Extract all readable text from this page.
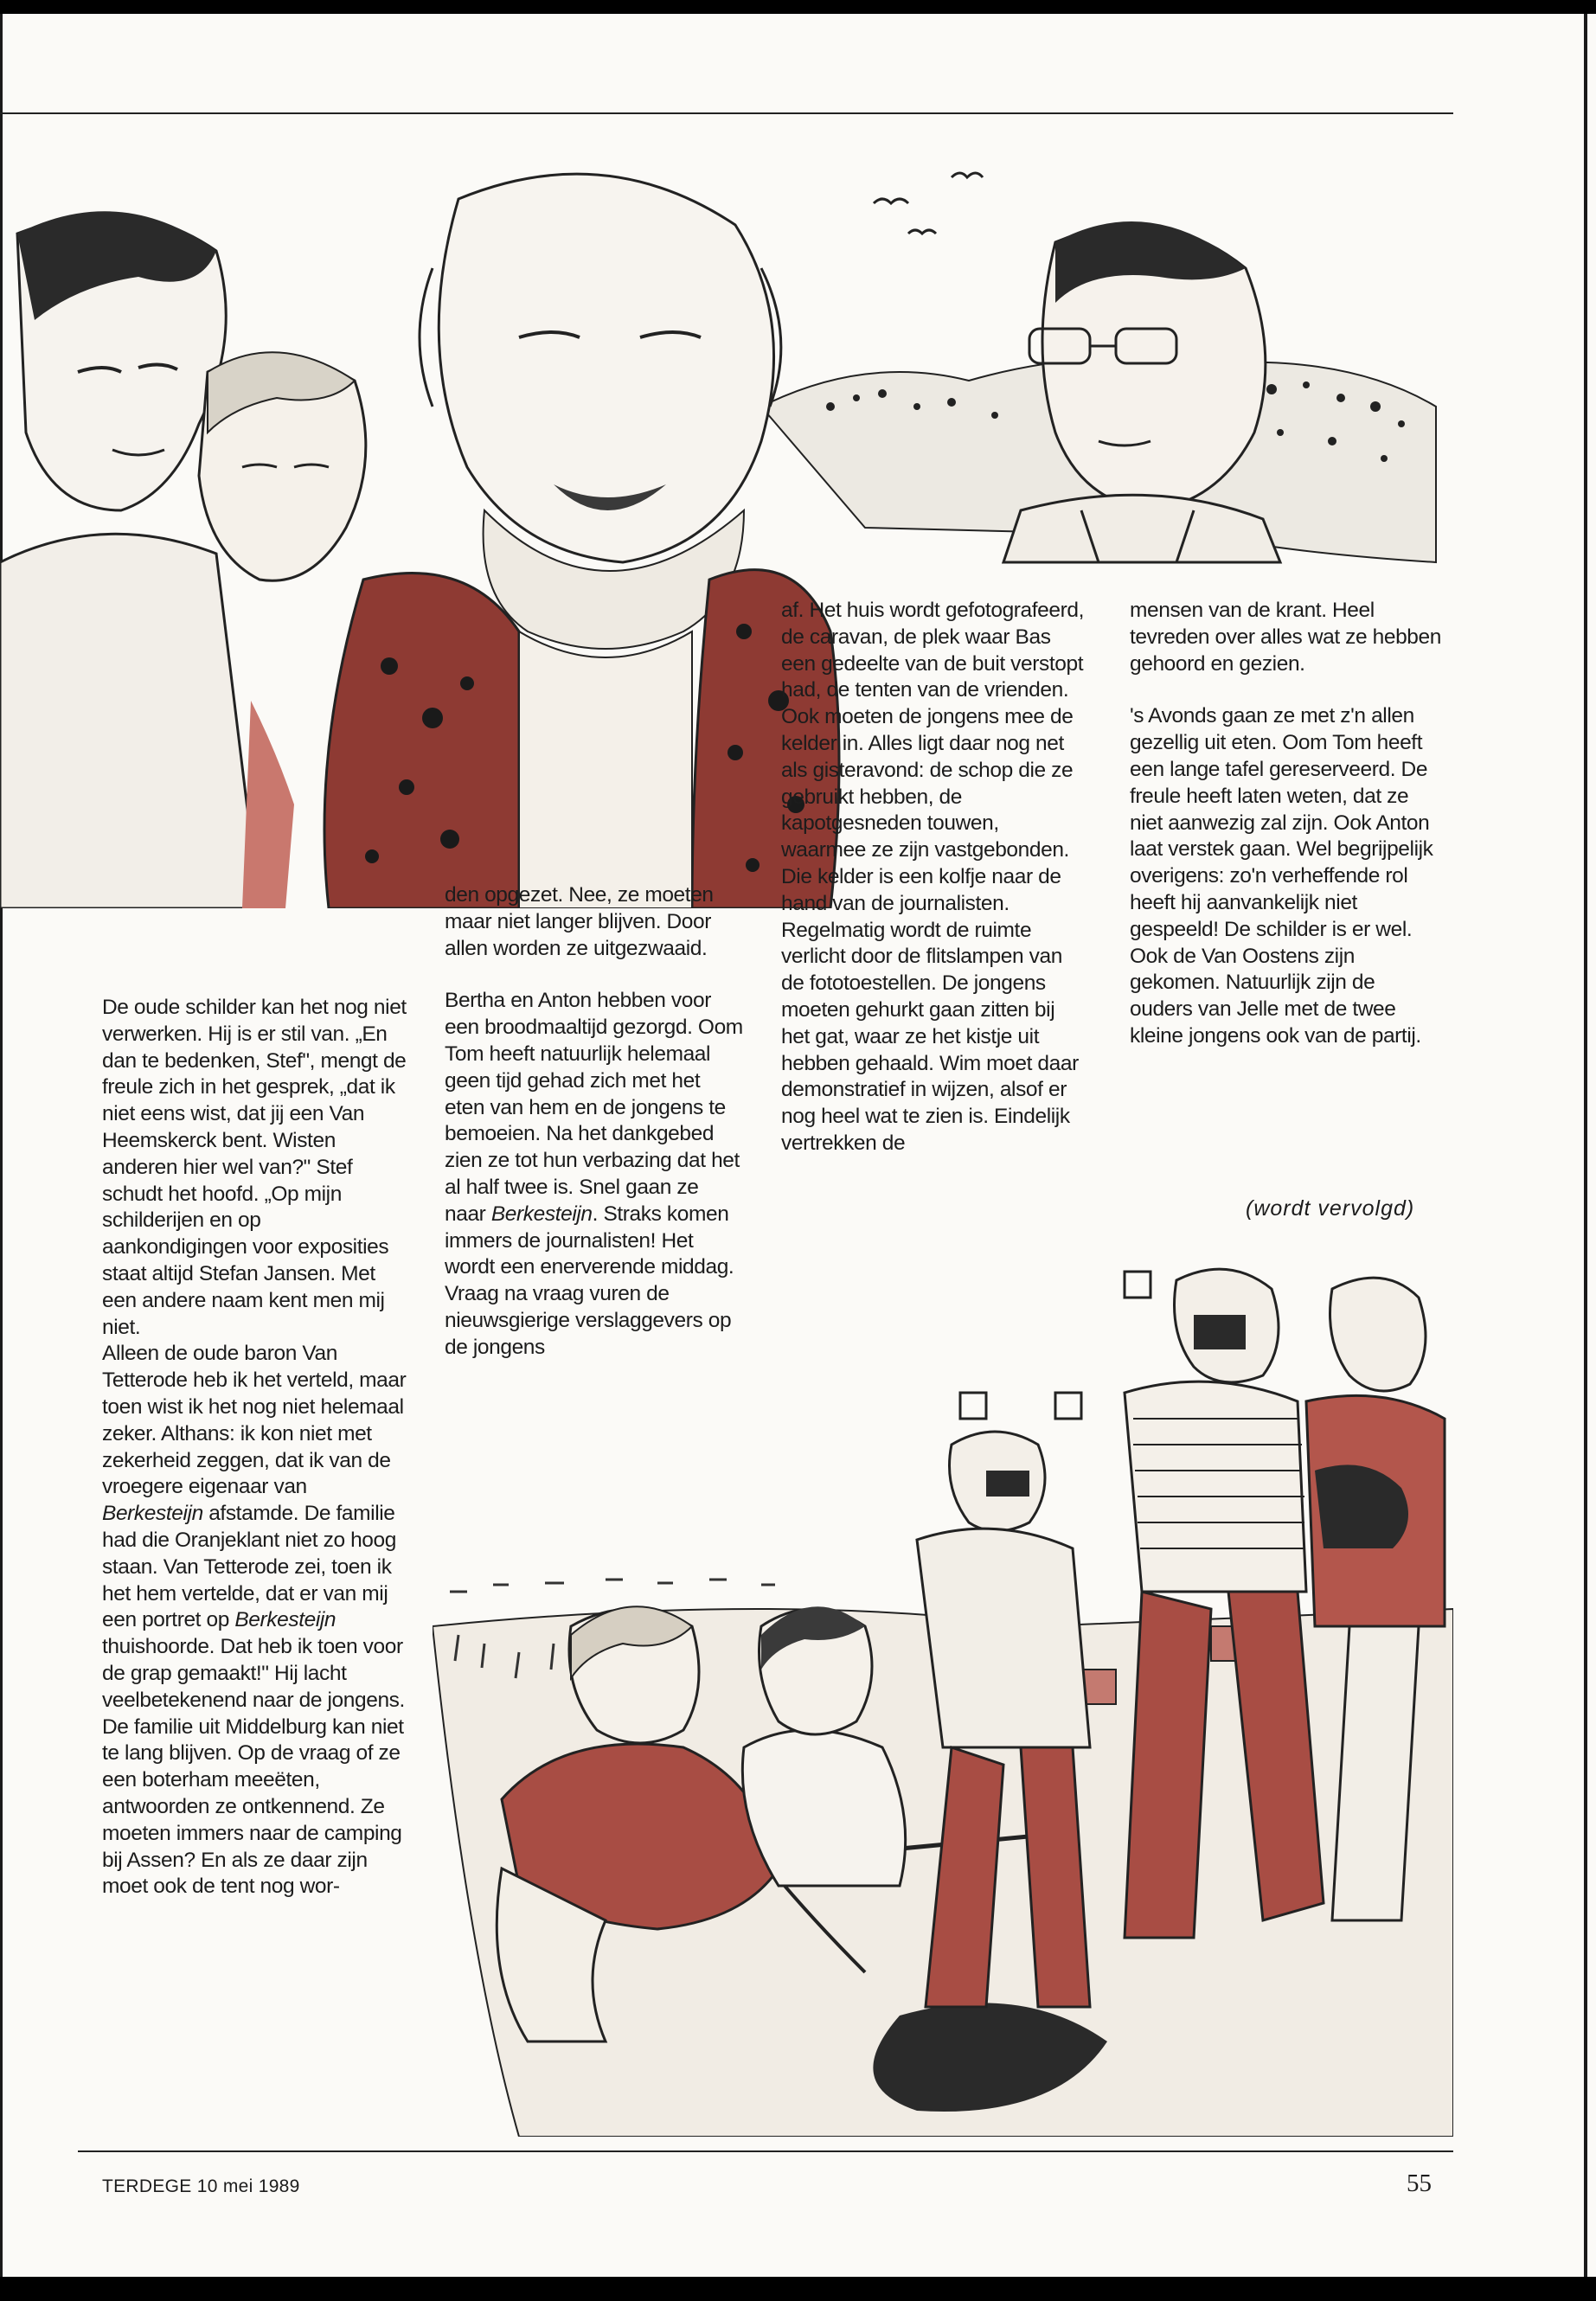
De oude schilder kan het nog niet verwerken. Hij is er stil van. „En dan te bedenken, Stef", mengt de freule zich in het gesprek, „dat ik niet eens wist, dat jij een Van Heemskerck bent. Wisten anderen hier wel van?" Stef schudt het hoofd. „Op mijn schilderijen en op aankondigingen voor exposities staat altijd Stefan Jansen. Met een andere naam kent men mij niet.

Alleen de oude baron Van Tetterode heb ik het verteld, maar toen wist ik het nog niet helemaal zeker. Althans: ik kon niet met zekerheid zeggen, dat ik van de vroegere eigenaar van Berkesteijn afstamde. De familie had die Oranjeklant niet zo hoog staan. Van Tetterode zei, toen ik het hem vertelde, dat er van mij een portret op Berkesteijn thuishoorde. Dat heb ik toen voor de grap gemaakt!" Hij lacht veelbetekenend naar de jongens.

De familie uit Middelburg kan niet te lang blijven. Op de vraag of ze een boterham meeëten, antwoorden ze ontkennend. Ze moeten immers naar de camping bij Assen? En als ze daar zijn moet ook de tent nog wor-

den opgezet. Nee, ze moeten maar niet langer blijven. Door allen worden ze uitgezwaaid.

Bertha en Anton hebben voor een broodmaaltijd gezorgd. Oom Tom heeft natuurlijk helemaal geen tijd gehad zich met het eten van hem en de jongens te bemoeien. Na het dankgebed zien ze tot hun verbazing dat het al half twee is. Snel gaan ze naar Berkesteijn. Straks komen immers de journalisten! Het wordt een enerverende middag. Vraag na vraag vuren de nieuwsgierige verslaggevers op de jongens

af. Het huis wordt gefotografeerd, de caravan, de plek waar Bas een gedeelte van de buit verstopt had, de tenten van de vrienden. Ook moeten de jongens mee de kelder in. Alles ligt daar nog net als gisteravond: de schop die ze gebruikt hebben, de kapotgesneden touwen, waarmee ze zijn vastgebonden. Die kelder is een kolfje naar de hand van de journalisten. Regelmatig wordt de ruimte verlicht door de flitslampen van de fototoestellen. De jongens moeten gehurkt gaan zitten bij het gat, waar ze het kistje uit hebben gehaald. Wim moet daar demonstratief in wijzen, alsof er nog heel wat te zien is. Eindelijk vertrekken de

mensen van de krant. Heel tevreden over alles wat ze hebben gehoord en gezien.

's Avonds gaan ze met z'n allen gezellig uit eten. Oom Tom heeft een lange tafel gereserveerd. De freule heeft laten weten, dat ze niet aanwezig zal zijn. Ook Anton laat verstek gaan. Wel begrijpelijk overigens: zo'n verheffende rol heeft hij aanvankelijk niet gespeeld! De schilder is er wel. Ook de Van Oostens zijn gekomen. Natuurlijk zijn de ouders van Jelle met de twee kleine jongens ook van de partij.

(wordt vervolgd)
TERDEGE 10 mei 1989	55
